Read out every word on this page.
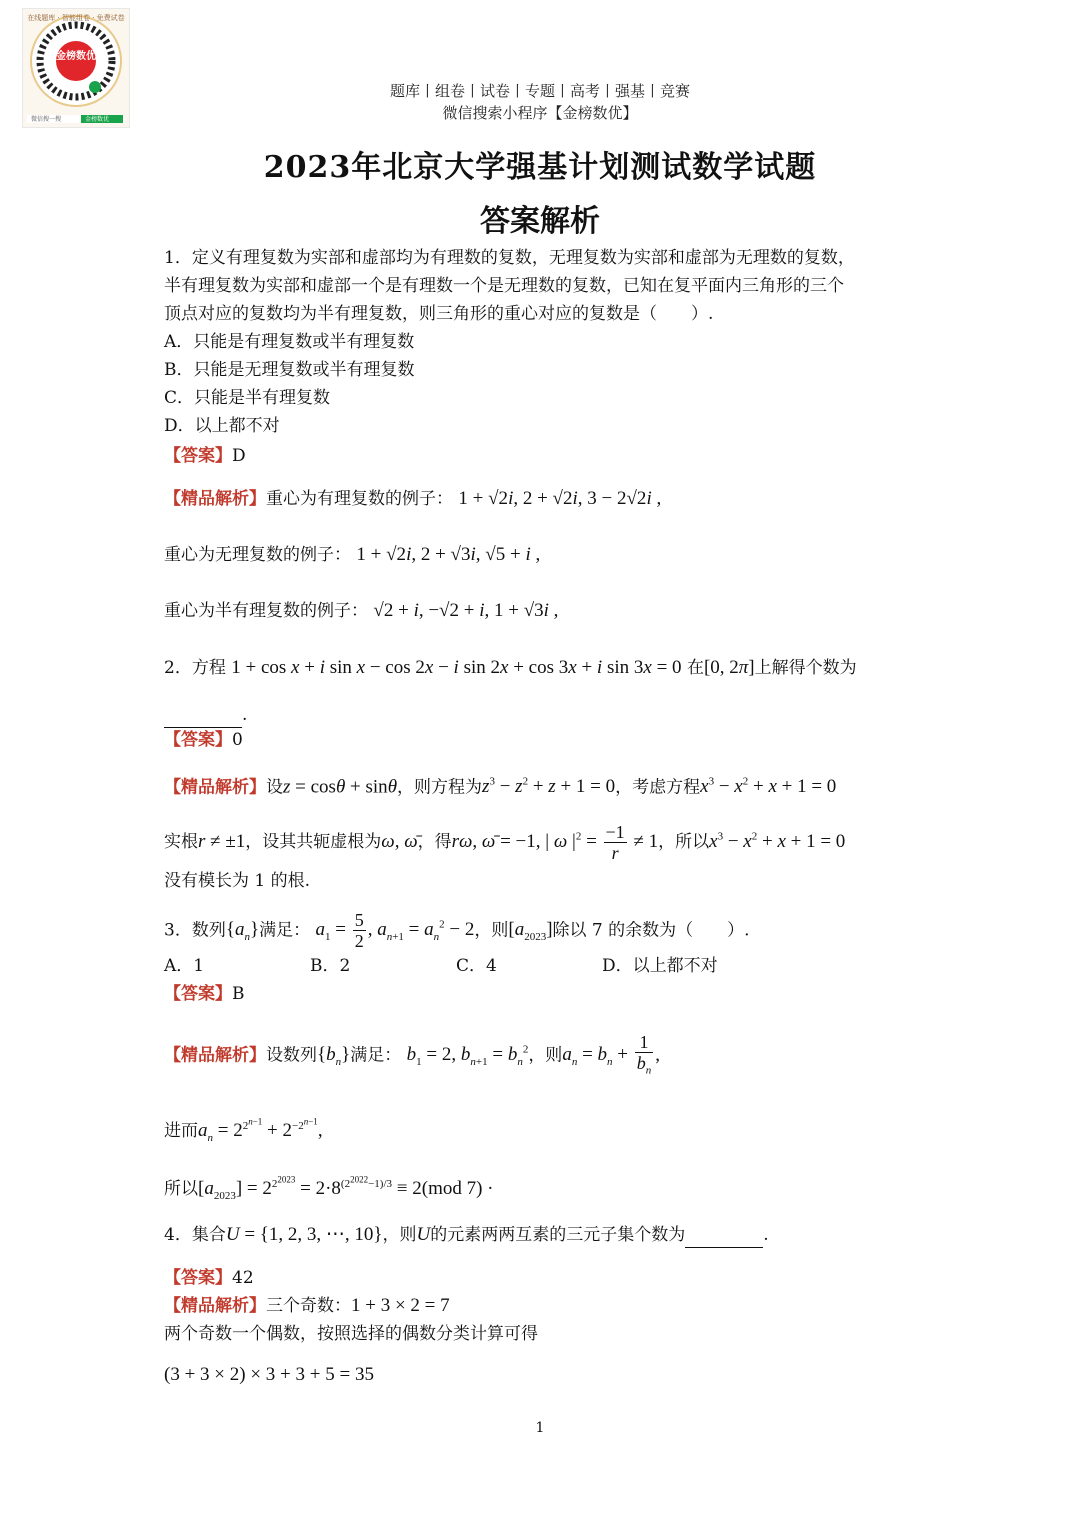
金榜数优
微信搜一搜	金榜数优
在线题库 · 智能组卷 · 免费试卷
题库丨组卷丨试卷丨专题丨高考丨强基丨竞赛
微信搜索小程序【金榜数优】
2023年北京大学强基计划测试数学试题
答案解析
1．定义有理复数为实部和虚部均为有理数的复数，无理复数为实部和虚部为无理数的复数，
半有理复数为实部和虚部一个是有理数一个是无理数的复数，已知在复平面内三角形的三个
顶点对应的复数均为半有理复数，则三角形的重心对应的复数是（　　）.
A．只能是有理复数或半有理复数
B．只能是无理复数或半有理复数
C．只能是半有理复数
D．以上都不对
【答案】D
【精品解析】重心为有理复数的例子： 1 + √2i, 2 + √2i, 3 − 2√2i ,
重心为无理复数的例子： 1 + √2i, 2 + √3i, √5 + i ,
重心为半有理复数的例子： √2 + i, −√2 + i, 1 + √3i ,
2．方程 1 + cos x + i sin x − cos 2x − i sin 2x + cos 3x + i sin 3x = 0 在[0, 2π]上解得个数为
.
【答案】0
【精品解析】设z = cosθ + sinθ，则方程为$z^3 - z^2 + z + 1 = 0$，考虑方程$x^3 - x^2 + x + 1 = 0$
实根r ≠ ±1，设其共轭虚根为ω, ω̄，得rω, ω̄ = −1, | ω $|^2 = \frac{-1}{r} \ne 1$，所以$x^3 - x^2 + x + 1 = 0$
没有模长为 1 的根.
3．数列$\{a_n\}$满足： $a_1 = \frac{5}{2}$ , $a_{n+1} = a_n^2 - 2$，则$[a_{2023}]$除以 7 的余数为（　　）.
A．1	B．2	C．4	D．以上都不对
【答案】B
【精品解析】设数列$\{b_n\}$满足： $b_1 = 2$, $b_{n+1} = b_n^2$，则$a_n = b_n + \frac{1}{b_n}$ ,
进而$a_n = 2^{2^{n-1}} + 2^{-2^{n-1}}$,
所以$[a_{2023}] = 2^{2^{2023}} = 2\cdot 8^{(2^{2022}-1)/3} \equiv 2(mod$ 7) ·
4．集合U = {1, 2, 3, ⋯, 10}，则U的元素两两互素的三元子集个数为	.
【答案】42
【精品解析】三个奇数：1 + 3 × 2 = 7
两个奇数一个偶数，按照选择的偶数分类计算可得
(3 + 3 × 2) × 3 + 3 + 5 = 35
1
